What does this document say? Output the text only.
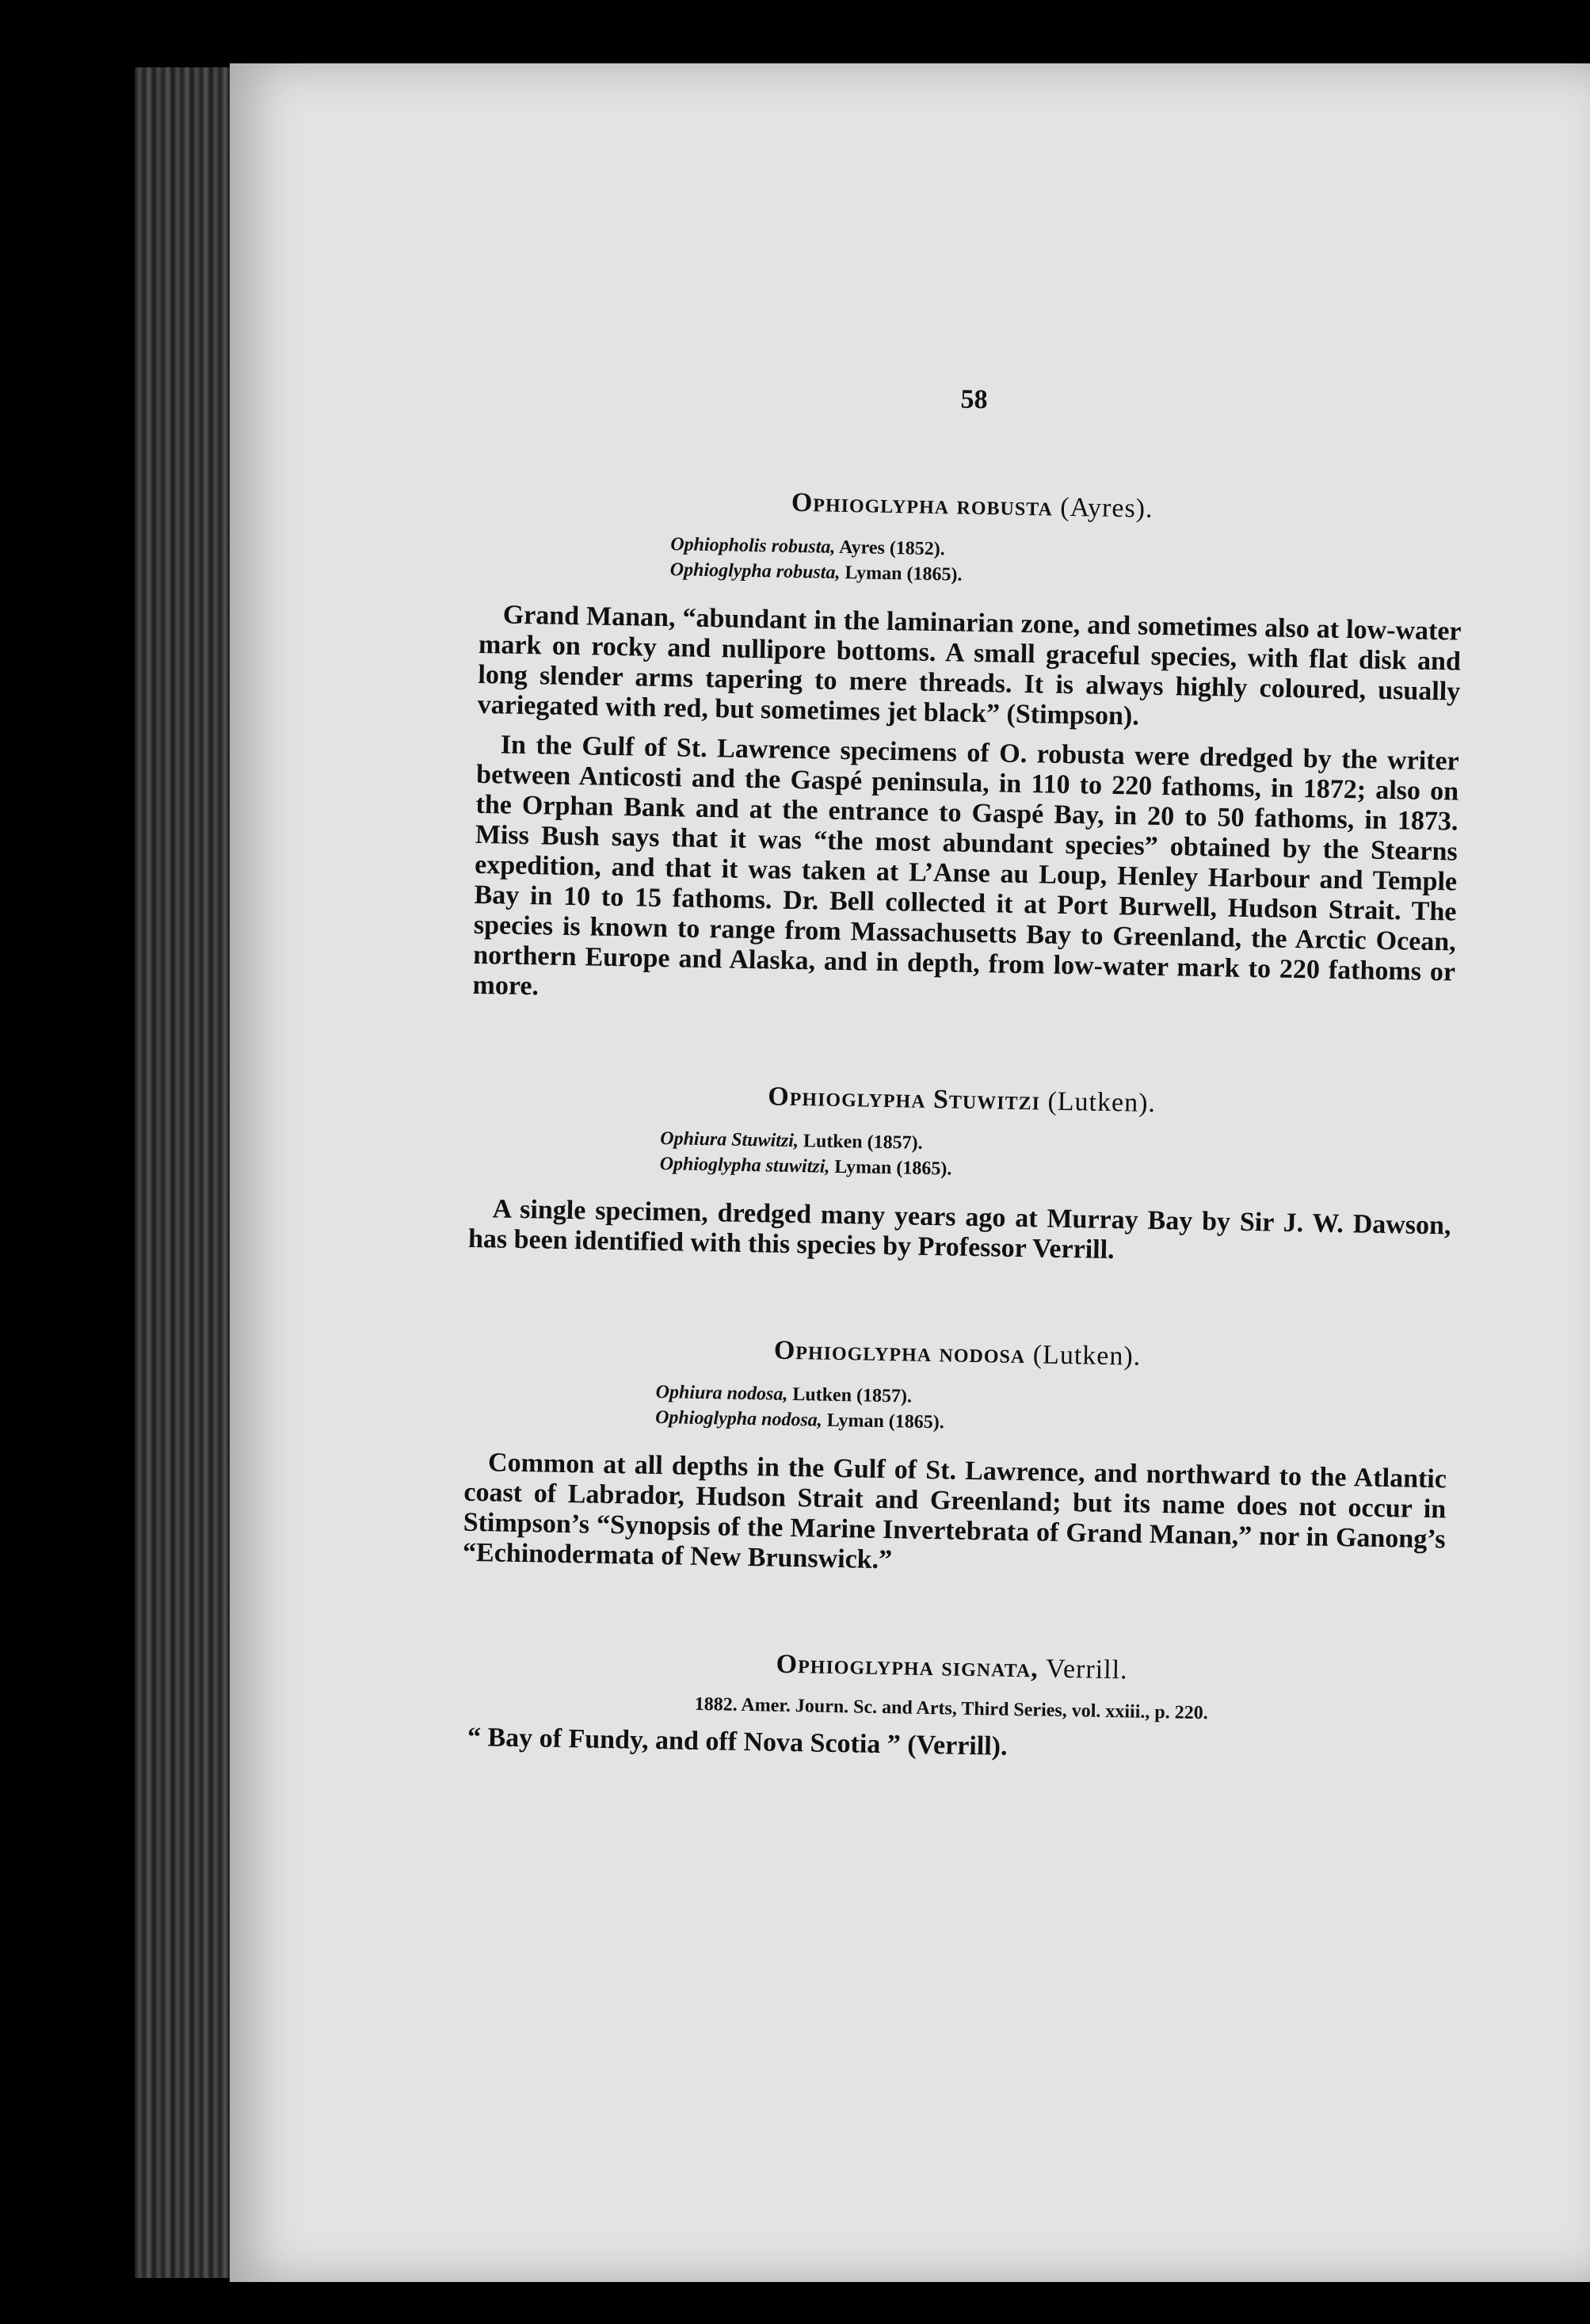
58
Ophioglypha robusta (Ayres).
Ophiopholis robusta, Ayres (1852).
Ophioglypha robusta, Lyman (1865).

Grand Manan, “abundant in the laminarian zone, and sometimes also at low-water mark on rocky and nullipore bottoms. A small graceful species, with flat disk and long slender arms tapering to mere threads. It is always highly coloured, usually variegated with red, but sometimes jet black” (Stimpson).

In the Gulf of St. Lawrence specimens of O. robusta were dredged by the writer between Anticosti and the Gaspé peninsula, in 110 to 220 fathoms, in 1872; also on the Orphan Bank and at the entrance to Gaspé Bay, in 20 to 50 fathoms, in 1873. Miss Bush says that it was “the most abundant species” obtained by the Stearns expedition, and that it was taken at L’Anse au Loup, Henley Harbour and Temple Bay in 10 to 15 fathoms. Dr. Bell collected it at Port Burwell, Hudson Strait. The species is known to range from Massachusetts Bay to Greenland, the Arctic Ocean, northern Europe and Alaska, and in depth, from low-water mark to 220 fathoms or more.

Ophioglypha Stuwitzi (Lutken).
Ophiura Stuwitzi, Lutken (1857).
Ophioglypha stuwitzi, Lyman (1865).

A single specimen, dredged many years ago at Murray Bay by Sir J. W. Dawson, has been identified with this species by Professor Verrill.

Ophioglypha nodosa (Lutken).
Ophiura nodosa, Lutken (1857).
Ophioglypha nodosa, Lyman (1865).

Common at all depths in the Gulf of St. Lawrence, and northward to the Atlantic coast of Labrador, Hudson Strait and Greenland; but its name does not occur in Stimpson’s “Synopsis of the Marine Invertebrata of Grand Manan,” nor in Ganong’s “Echinodermata of New Brunswick.”

Ophioglypha signata, Verrill.
1882. Amer. Journ. Sc. and Arts, Third Series, vol. xxiii., p. 220.
“ Bay of Fundy, and off Nova Scotia ” (Verrill).
